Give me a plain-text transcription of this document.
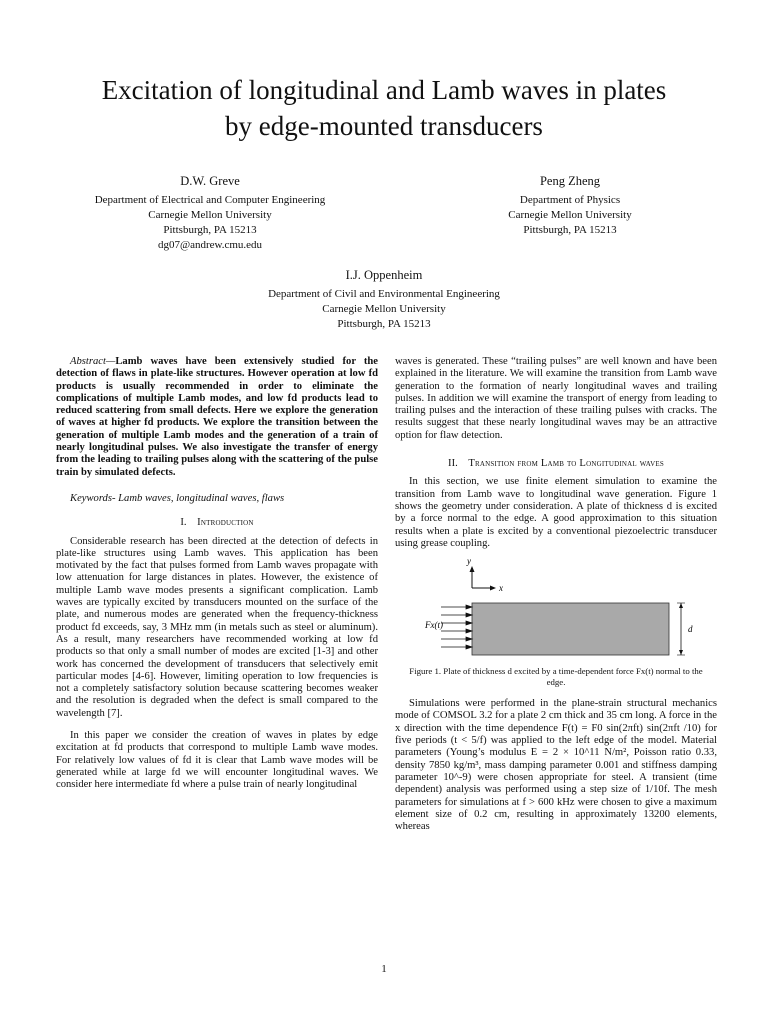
Excitation of longitudinal and Lamb waves in plates
by edge-mounted transducers
D.W. Greve
Department of Electrical and Computer Engineering
Carnegie Mellon University
Pittsburgh, PA 15213
dg07@andrew.cmu.edu
Peng Zheng
Department of Physics
Carnegie Mellon University
Pittsburgh, PA 15213
I.J. Oppenheim
Department of Civil and Environmental Engineering
Carnegie Mellon University
Pittsburgh, PA 15213

Abstract—Lamb waves have been extensively studied for the detection of flaws in plate-like structures. However operation at low fd products is usually recommended in order to eliminate the complications of multiple Lamb modes, and low fd products lead to reduced scattering from small defects. Here we explore the generation of waves at higher fd products. We explore the transition between the generation of multiple Lamb modes and the generation of a train of nearly longitudinal pulses. We also investigate the transfer of energy from the leading to trailing pulses along with the scattering of the pulse train by simulated defects.

Keywords- Lamb waves, longitudinal waves, flaws

I. Introduction

Considerable research has been directed at the detection of defects in plate-like structures using Lamb waves. This application has been motivated by the fact that pulses formed from Lamb waves propagate with low attenuation for large distances in plates. However, the existence of multiple Lamb wave modes presents a significant complication. Lamb waves are typically excited by transducers mounted on the surface of the plate, and numerous modes are generated when the frequency-thickness product fd exceeds, say, 3 MHz mm (in metals such as steel or aluminum). As a result, many researchers have recommended working at low fd products so that only a small number of modes are excited [1-3] and other work has concerned the development of transducers that selectively emit particular modes [4-6]. However, limiting operation to low frequencies is not a completely satisfactory solution because scattering becomes weaker and the resolution is degraded when the defect is small compared to the wavelength [7].

In this paper we consider the creation of waves in plates by edge excitation at fd products that correspond to multiple Lamb wave modes. For relatively low values of fd it is clear that Lamb wave modes will be generated while at large fd we will encounter longitudinal waves. We consider here intermediate fd where a pulse train of nearly longitudinal

waves is generated. These “trailing pulses” are well known and have been explained in the literature. We will examine the transition from Lamb wave generation to the formation of nearly longitudinal waves and trailing pulses. In addition we will examine the transport of energy from leading to trailing pulses and the interaction of these trailing pulses with cracks. The results suggest that these nearly longitudinal waves may be an attractive option for flaw detection.

II. Transition from Lamb to Longitudinal waves

In this section, we use finite element simulation to examine the transition from Lamb wave to longitudinal wave generation. Figure 1 shows the geometry under consideration. A plate of thickness d is excited by a force normal to the edge. A good approximation to this situation results when a plate is excited by a conventional piezoelectric transducer using grease coupling.

y
x
Fx(t)	d

Figure 1. Plate of thickness d excited by a time-dependent force Fx(t) normal to the edge.

Simulations were performed in the plane-strain structural mechanics mode of COMSOL 3.2 for a plate 2 cm thick and 35 cm long. A force in the x direction with the time dependence F(t) = F0 sin(2πft) sin(2πft /10) for five periods (t < 5/f) was applied to the left edge of the model. Material parameters (Young’s modulus E = 2 × 10^11 N/m², Poisson ratio 0.33, density 7850 kg/m³, mass damping parameter 0.001 and stiffness damping parameter 10^-9) were chosen appropriate for steel. A transient (time dependent) analysis was performed using a step size of 1/10f. The mesh parameters for simulations at f > 600 kHz were chosen to give a maximum element size of 0.2 cm, resulting in approximately 13200 elements, whereas

1
